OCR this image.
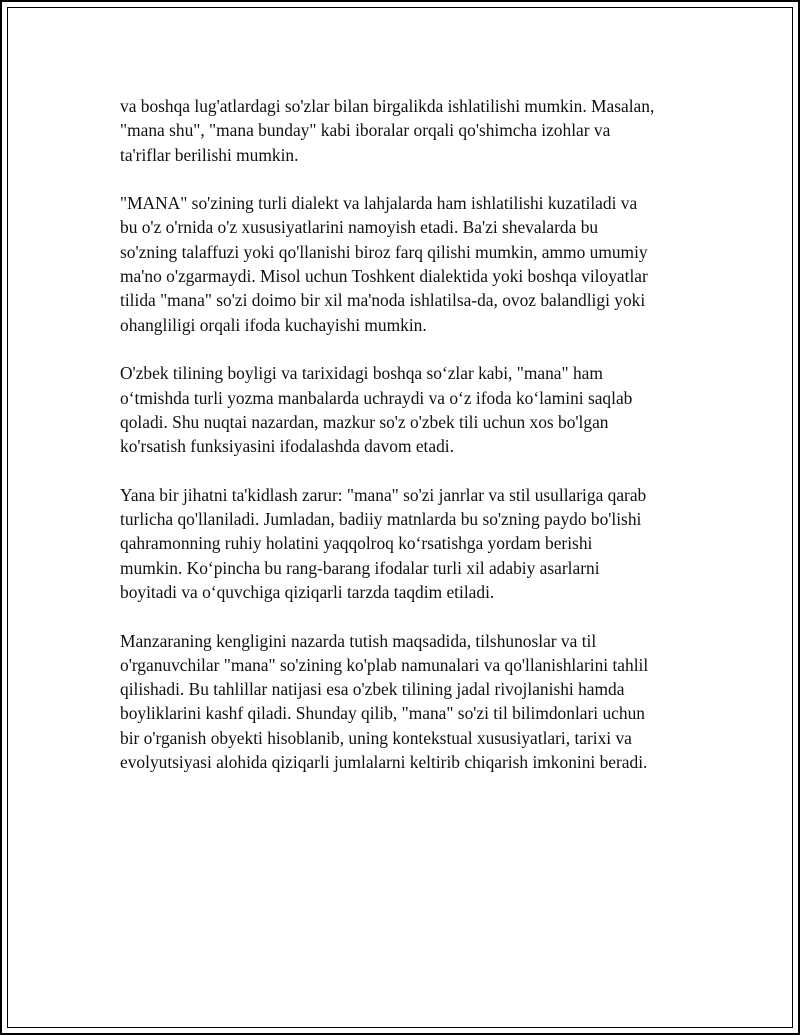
va boshqa lug'atlardagi so'zlar bilan birgalikda ishlatilishi mumkin. Masalan,
"mana shu", "mana bunday" kabi iboralar orqali qo'shimcha izohlar va
ta'riflar berilishi mumkin.

"MANA" so'zining turli dialekt va lahjalarda ham ishlatilishi kuzatiladi va
bu o'z o'rnida o'z xususiyatlarini namoyish etadi. Ba'zi shevalarda bu
so'zning talaffuzi yoki qo'llanishi biroz farq qilishi mumkin, ammo umumiy
ma'no o'zgarmaydi. Misol uchun Toshkent dialektida yoki boshqa viloyatlar
tilida "mana" so'zi doimo bir xil ma'noda ishlatilsa-da, ovoz balandligi yoki
ohangliligi orqali ifoda kuchayishi mumkin.

O'zbek tilining boyligi va tarixidagi boshqa so‘zlar kabi, "mana" ham
o‘tmishda turli yozma manbalarda uchraydi va o‘z ifoda ko‘lamini saqlab
qoladi. Shu nuqtai nazardan, mazkur so'z o'zbek tili uchun xos bo'lgan
ko'rsatish funksiyasini ifodalashda davom etadi.

Yana bir jihatni ta'kidlash zarur: "mana" so'zi janrlar va stil usullariga qarab
turlicha qo'llaniladi. Jumladan, badiiy matnlarda bu so'zning paydo bo'lishi
qahramonning ruhiy holatini yaqqolroq ko‘rsatishga yordam berishi
mumkin. Ko‘pincha bu rang-barang ifodalar turli xil adabiy asarlarni
boyitadi va o‘quvchiga qiziqarli tarzda taqdim etiladi.

Manzaraning kengligini nazarda tutish maqsadida, tilshunoslar va til
o'rganuvchilar "mana" so'zining ko'plab namunalari va qo'llanishlarini tahlil
qilishadi. Bu tahlillar natijasi esa o'zbek tilining jadal rivojlanishi hamda
boyliklarini kashf qiladi. Shunday qilib, "mana" so'zi til bilimdonlari uchun
bir o'rganish obyekti hisoblanib, uning kontekstual xususiyatlari, tarixi va
evolyutsiyasi alohida qiziqarli jumlalarni keltirib chiqarish imkonini beradi.
